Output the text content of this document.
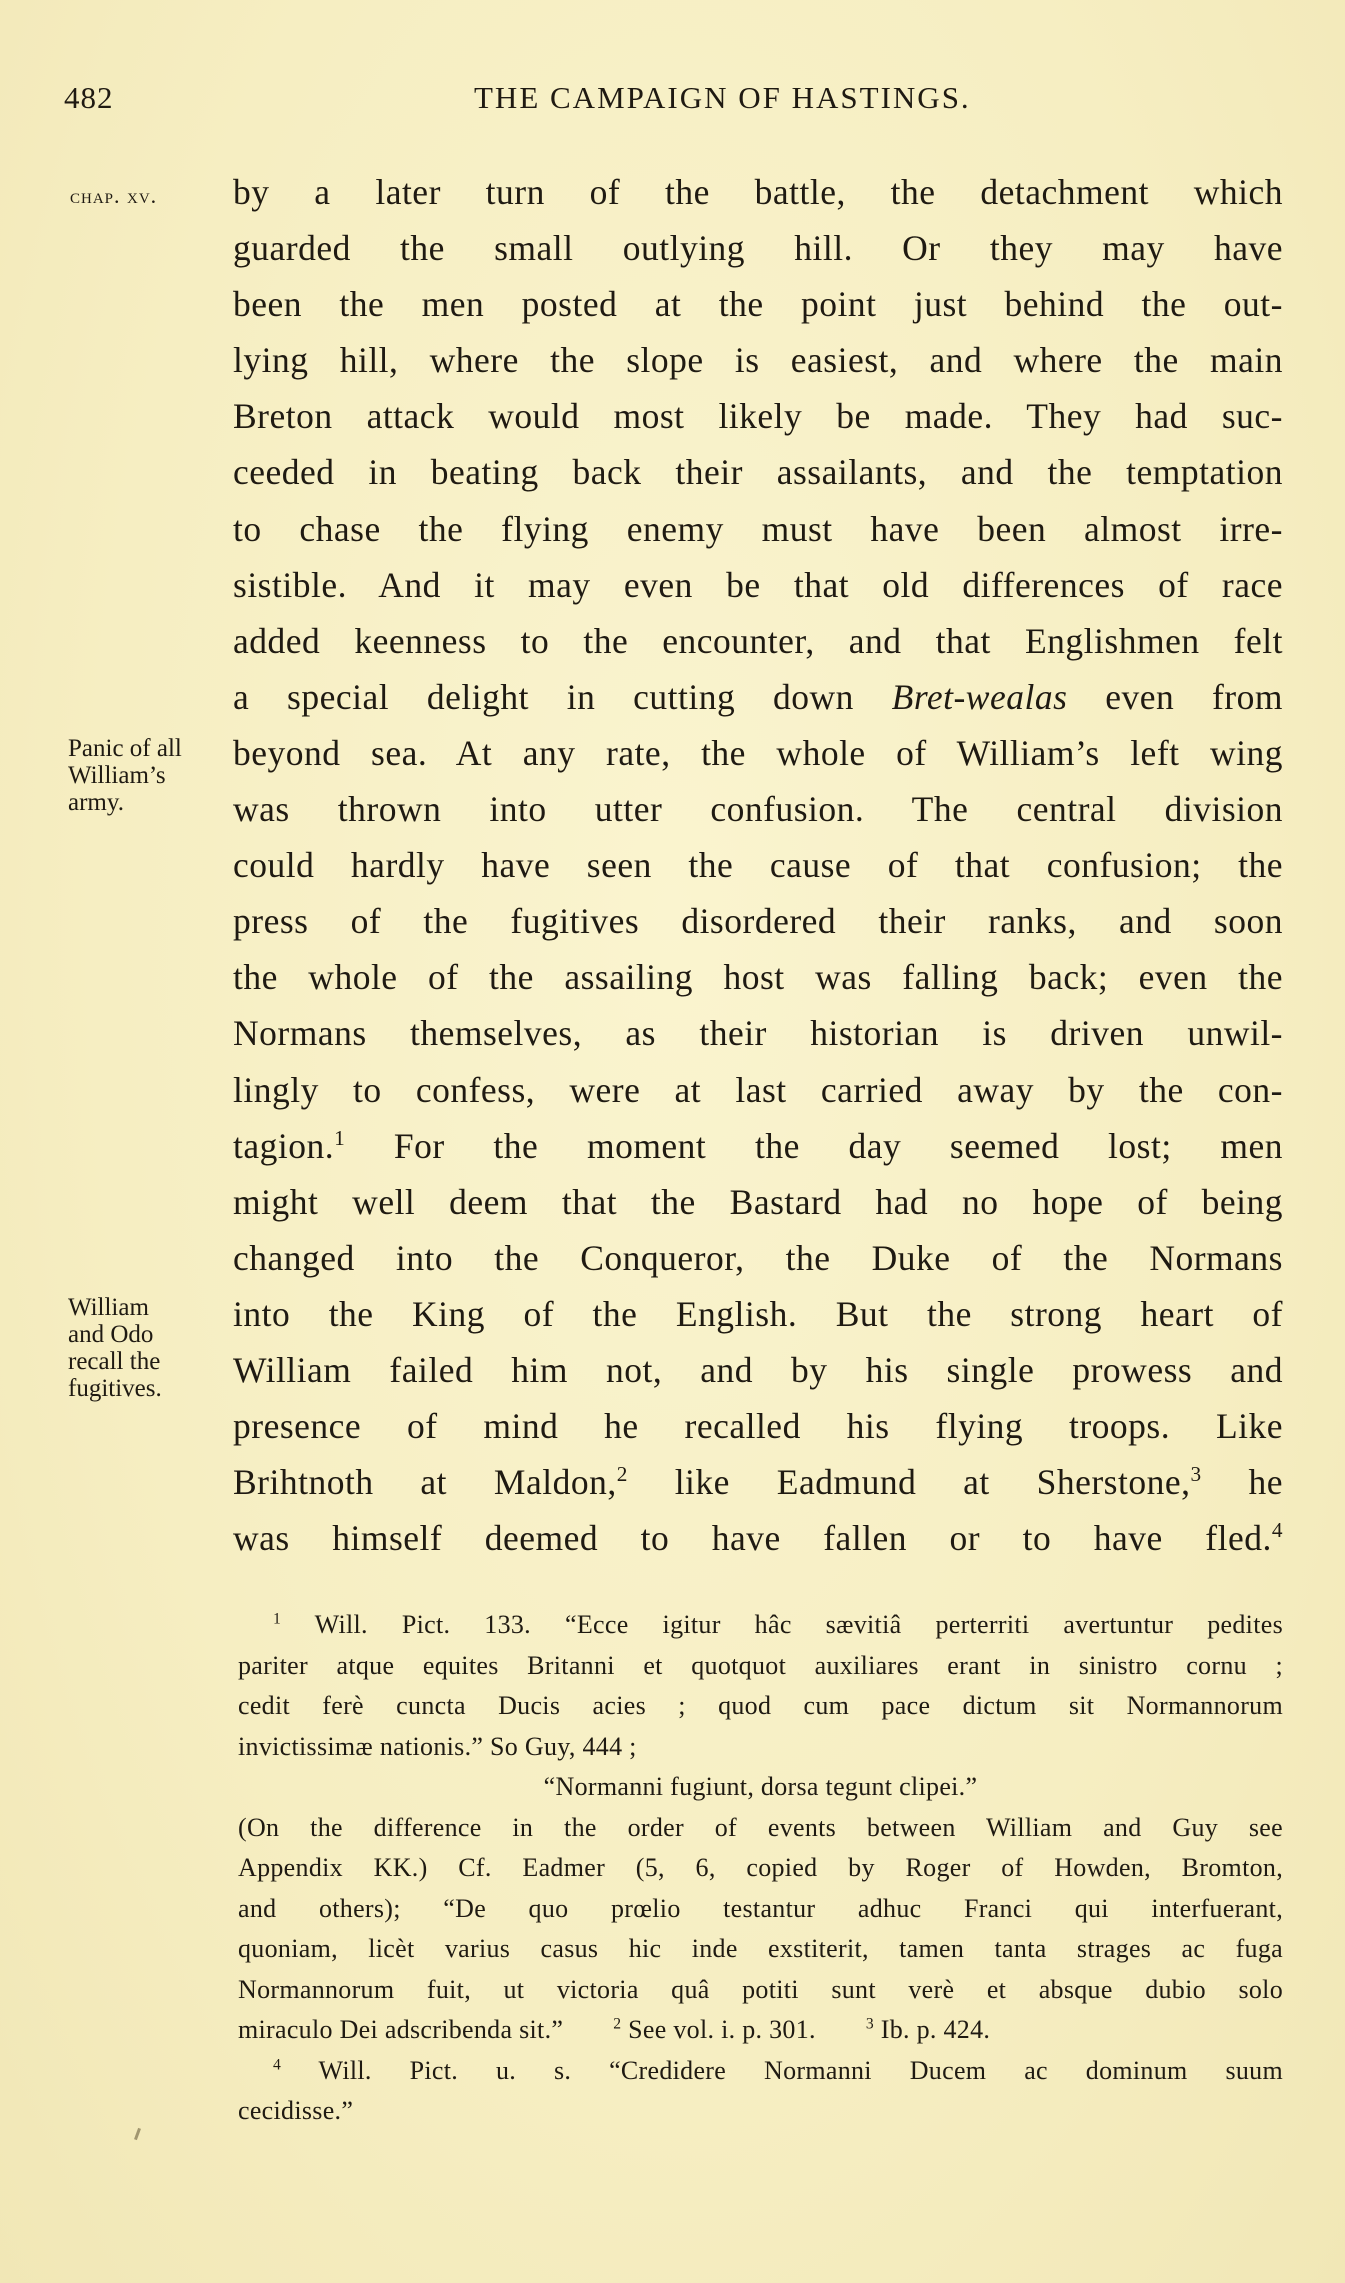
482	THE CAMPAIGN OF HASTINGS.
chap. xv.
Panic of all
William’s
army.
William
and Odo
recall the
fugitives.
by a later turn of the battle, the detachment which
guarded the small outlying hill. Or they may have
been the men posted at the point just behind the out-
lying hill, where the slope is easiest, and where the main
Breton attack would most likely be made. They had suc-
ceeded in beating back their assailants, and the temptation
to chase the flying enemy must have been almost irre-
sistible. And it may even be that old differences of race
added keenness to the encounter, and that Englishmen felt
a special delight in cutting down Bret-wealas even from
beyond sea. At any rate, the whole of William’s left wing
was thrown into utter confusion. The central division
could hardly have seen the cause of that confusion; the
press of the fugitives disordered their ranks, and soon
the whole of the assailing host was falling back; even the
Normans themselves, as their historian is driven unwil-
lingly to confess, were at last carried away by the con-
tagion.$^1$ For the moment the day seemed lost; men
might well deem that the Bastard had no hope of being
changed into the Conqueror, the Duke of the Normans
into the King of the English. But the strong heart of
William failed him not, and by his single prowess and
presence of mind he recalled his flying troops. Like
Brihtnoth at Maldon,$^2$ like Eadmund at Sherstone,$^3$ he
was himself deemed to have fallen or to have fled.$^4$
$^1$ Will. Pict. 133. “Ecce igitur hâc sævitiâ perterriti avertuntur pedites
pariter atque equites Britanni et quotquot auxiliares erant in sinistro cornu ;
cedit ferè cuncta Ducis acies ; quod cum pace dictum sit Normannorum
invictissimæ nationis.” So Guy, 444 ;
“Normanni fugiunt, dorsa tegunt clipei.”
(On the difference in the order of events between William and Guy see
Appendix KK.) Cf. Eadmer (5, 6, copied by Roger of Howden, Bromton,
and others); “De quo prœlio testantur adhuc Franci qui interfuerant,
quoniam, licèt varius casus hic inde exstiterit, tamen tanta strages ac fuga
Normannorum fuit, ut victoria quâ potiti sunt verè et absque dubio solo
miraculo Dei adscribenda sit.”	$^2$ See vol. i. p. 301.	$^3$ Ib. p. 424.
$^4$ Will. Pict. u. s. “Credidere Normanni Ducem ac dominum suum
cecidisse.”
